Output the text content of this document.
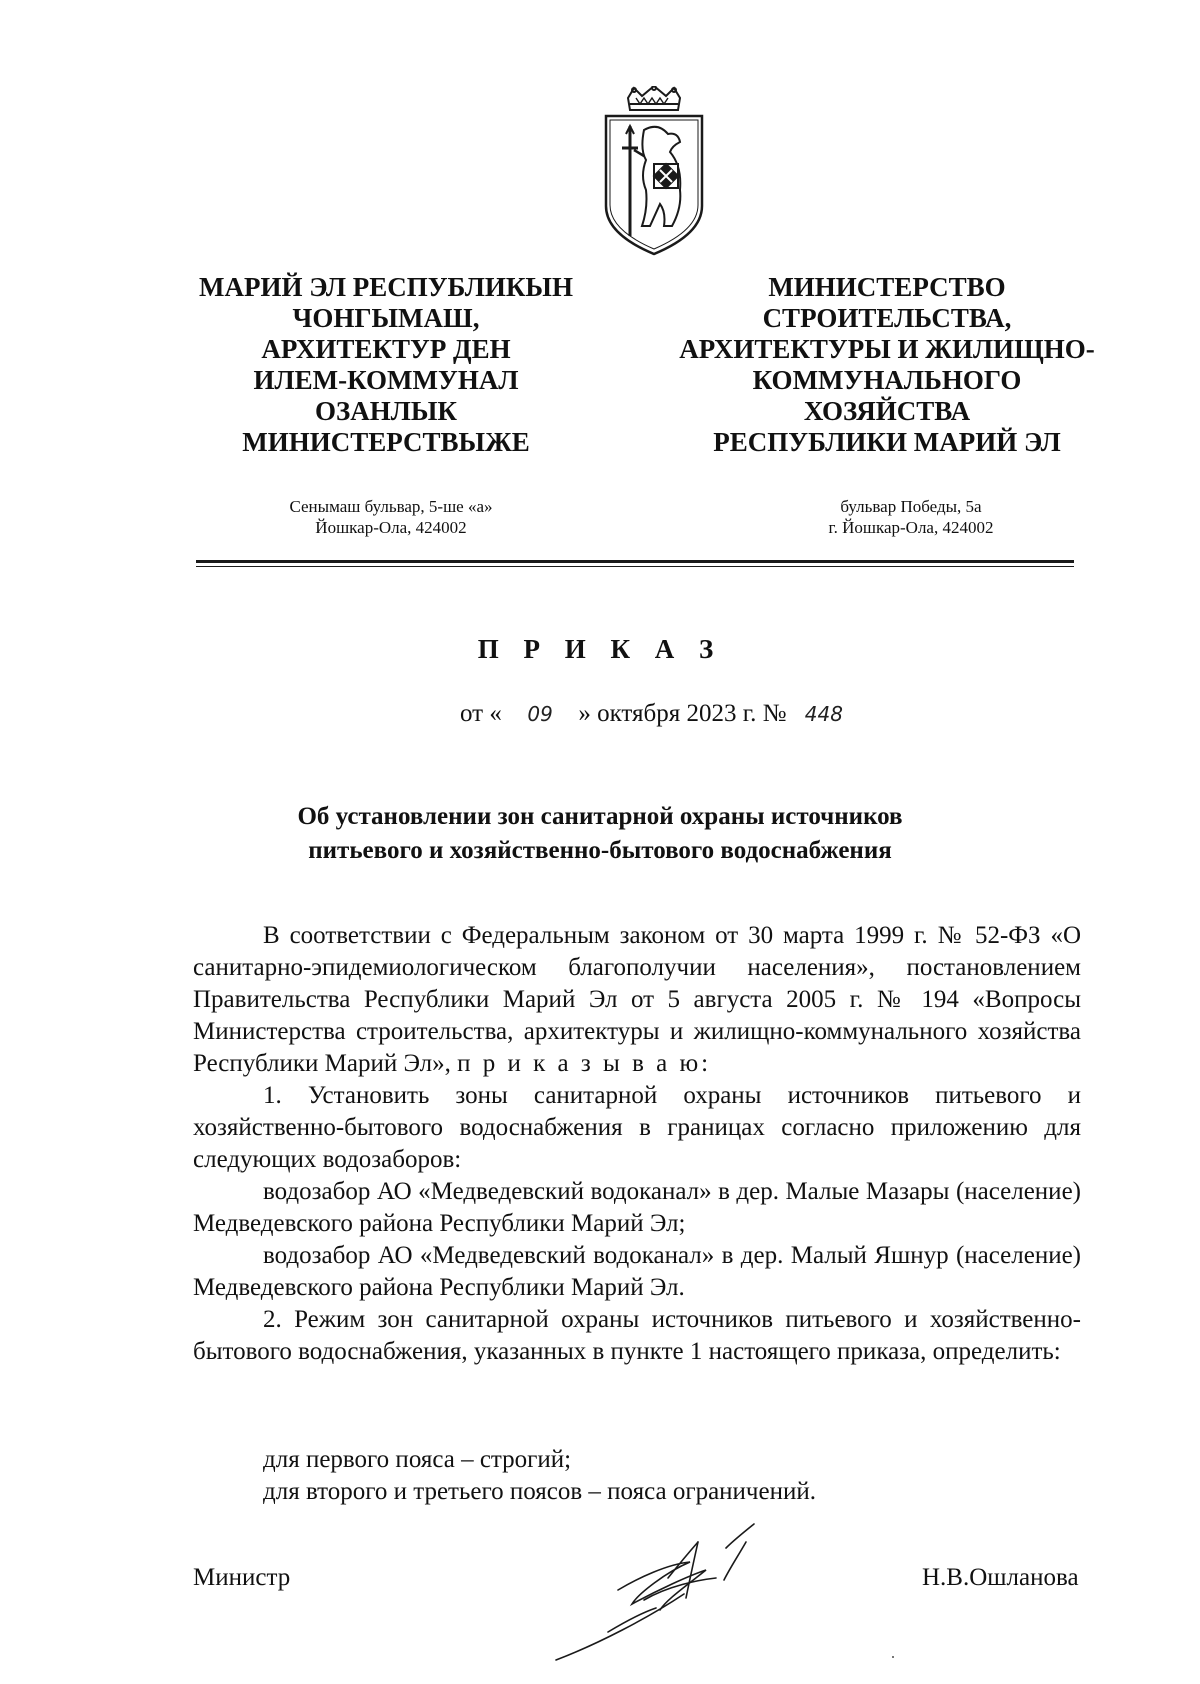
МАРИЙ ЭЛ РЕСПУБЛИКЫН
ЧОНГЫМАШ,
АРХИТЕКТУР ДЕН
ИЛЕМ-КОММУНАЛ
ОЗАНЛЫК
МИНИСТЕРСТВЫЖЕ
МИНИСТЕРСТВО
СТРОИТЕЛЬСТВА,
АРХИТЕКТУРЫ И ЖИЛИЩНО-
КОММУНАЛЬНОГО
ХОЗЯЙСТВА
РЕСПУБЛИКИ МАРИЙ ЭЛ
Сенымаш бульвар, 5-ше «а»
Йошкар-Ола, 424002
бульвар Победы, 5а
г. Йошкар-Ола, 424002
П Р И К А З
от « 09 » октября 2023 г. № 448
Об установлении зон санитарной охраны источников
питьевого и хозяйственно-бытового водоснабжения

В соответствии с Федеральным законом от 30 марта 1999 г. № 52-ФЗ «О санитарно-эпидемиологическом благополучии населения», постановлением Правительства Республики Марий Эл от 5 августа 2005 г. № 194 «Вопросы Министерства строительства, архитектуры и жилищно-коммунального хозяйства Республики Марий Эл», п р и к а з ы в а ю:

1. Установить зоны санитарной охраны источников питьевого и хозяйственно-бытового водоснабжения в границах согласно приложению для следующих водозаборов:

водозабор АО «Медведевский водоканал» в дер. Малые Мазары (население) Медведевского района Республики Марий Эл;

водозабор АО «Медведевский водоканал» в дер. Малый Яшнур (население) Медведевского района Республики Марий Эл.

2. Режим зон санитарной охраны источников питьевого и хозяйственно-бытового водоснабжения, указанных в пункте 1 настоящего приказа, определить:

для первого пояса – строгий;
для второго и третьего поясов – пояса ограничений.
Министр	Н.В.Ошланова
